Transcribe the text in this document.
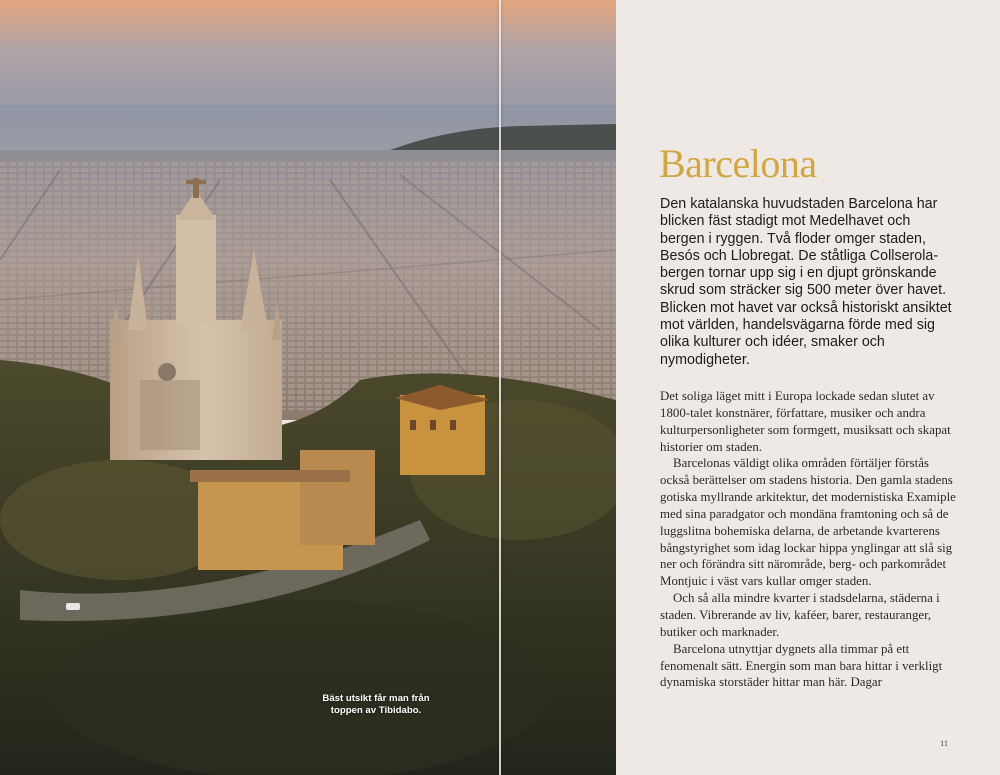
Bäst utsikt får man från toppen av Tibidabo.
Barcelona

Den katalanska huvudstaden Barcelona har blicken fäst stadigt mot Medelhavet och bergen i ryggen. Två floder omger staden, Besós och Llobregat. De ståtliga Collserola-bergen tornar upp sig i en djupt grönskande skrud som sträcker sig 500 meter över havet. Blicken mot havet var också historiskt ansiktet mot världen, handelsvägarna förde med sig olika kulturer och idéer, smaker och nymodigheter.

Det soliga läget mitt i Europa lockade sedan slutet av 1800-talet konstnärer, författare, musiker och andra kulturpersonligheter som formgett, musiksatt och skapat historier om staden.

Barcelonas väldigt olika områden förtäljer förstås också berättelser om stadens historia. Den gamla stadens gotiska myllrande arkitektur, det modernistiska Examiple med sina paradgator och mondäna framtoning och så de luggslitna bohemiska delarna, de arbetande kvarterens bångstyrighet som idag lockar hippa ynglingar att slå sig ner och förändra sitt närområde, berg- och parkområdet Montjuic i väst vars kullar omger staden.

Och så alla mindre kvarter i stadsdelarna, städerna i staden. Vibrerande av liv, kaféer, barer, restauranger, butiker och marknader.

Barcelona utnyttjar dygnets alla timmar på ett fenomenalt sätt. Energin som man bara hittar i verkligt dynamiska storstäder hittar man här. Dagar

11
